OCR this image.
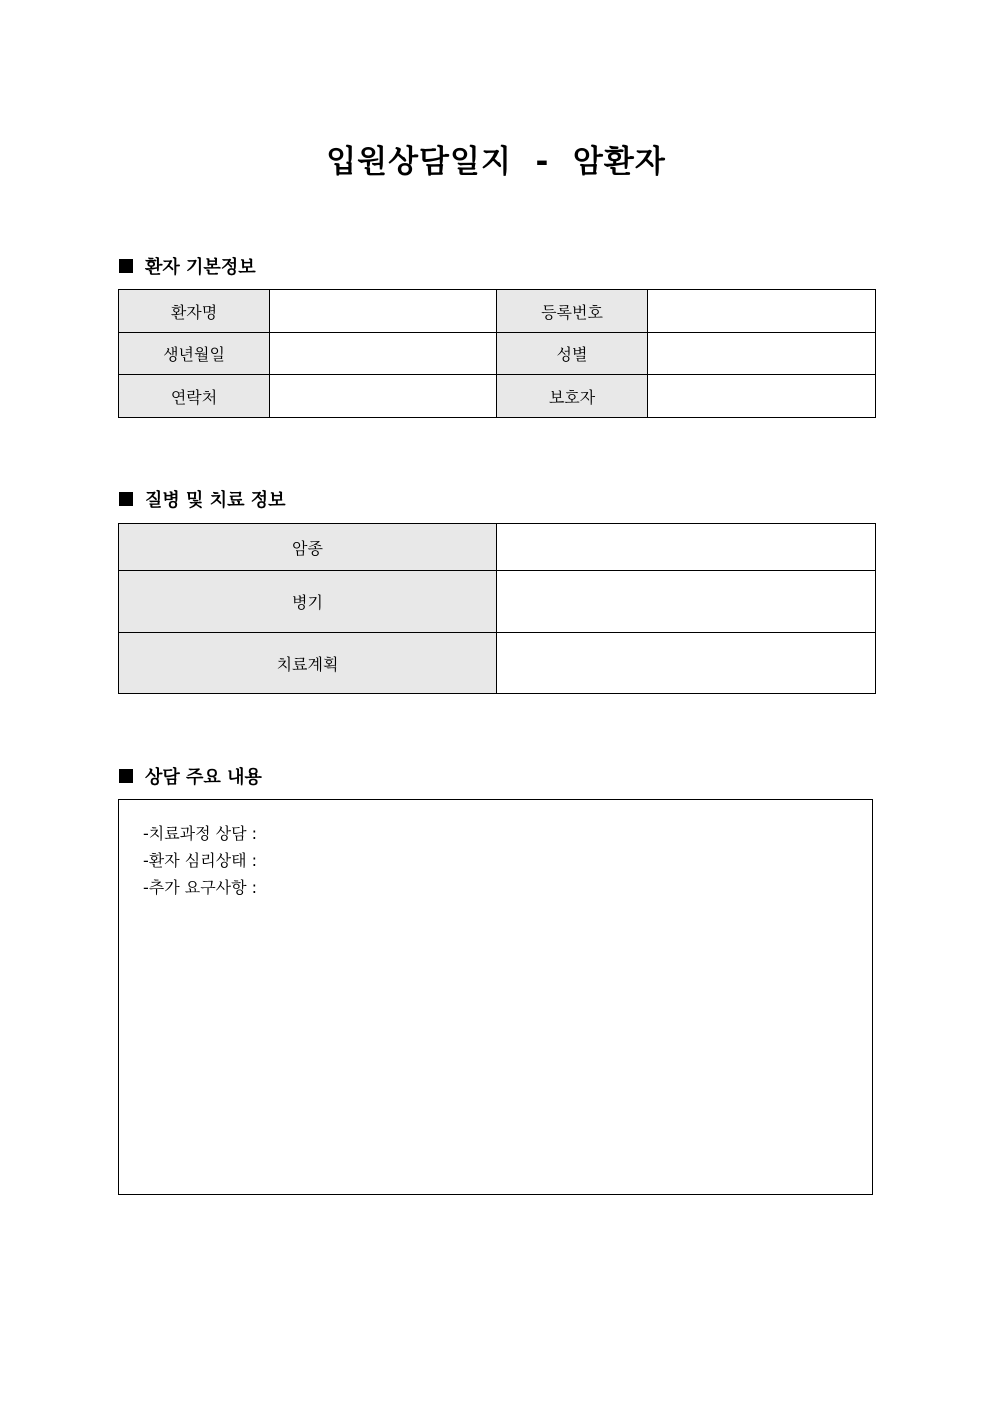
입원상담일지  -  암환자
환자 기본정보
환자명		등록번호	
생년월일		성별	
연락처		보호자	
질병 및 치료 정보
암종	
병기	
치료계획	
상담 주요 내용
-치료과정 상담 :
-환자 심리상태 :
-추가 요구사항 :
